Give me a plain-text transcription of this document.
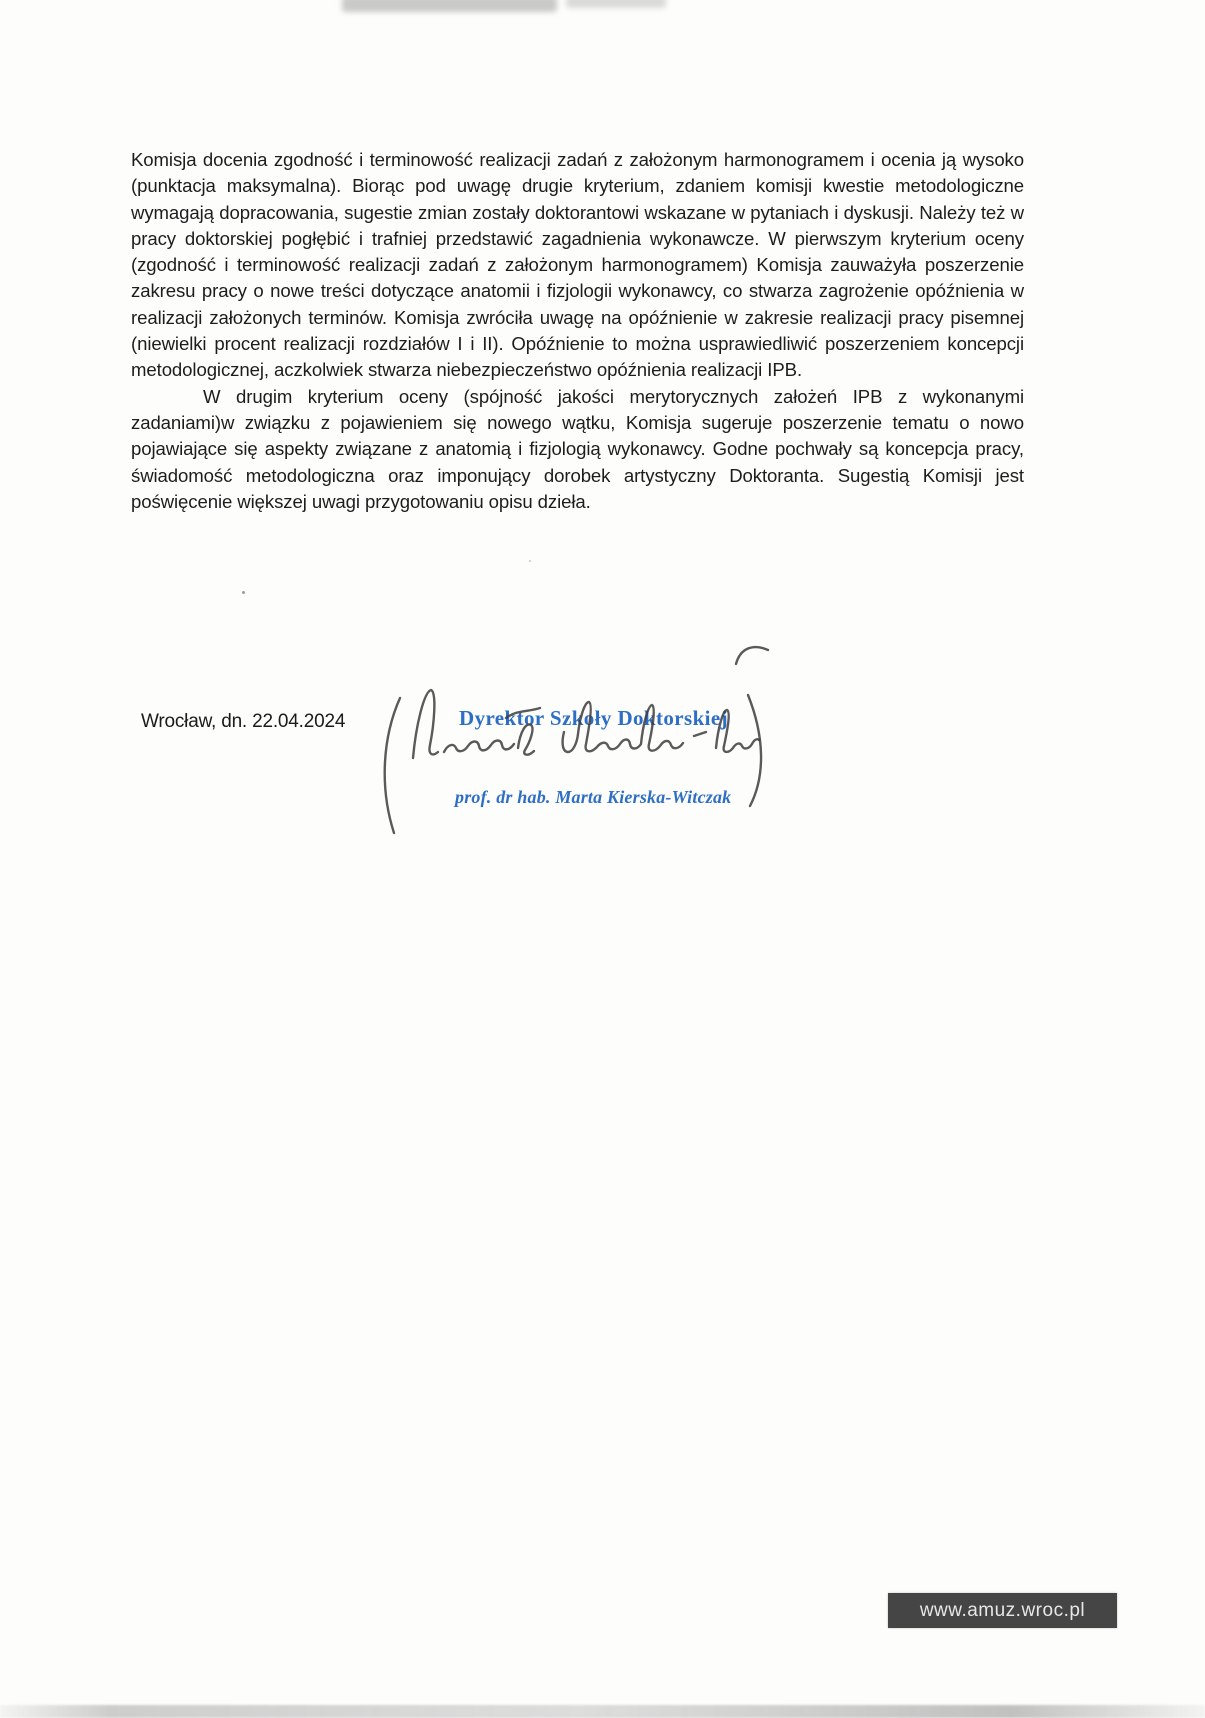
Komisja docenia zgodność i terminowość realizacji zadań z założonym harmonogramem i ocenia ją wysoko (punktacja maksymalna). Biorąc pod uwagę drugie kryterium, zdaniem komisji kwestie metodologiczne wymagają dopracowania, sugestie zmian zostały doktorantowi wskazane w pytaniach i dyskusji. Należy też w pracy doktorskiej pogłębić i trafniej przedstawić zagadnienia wykonawcze. W pierwszym kryterium oceny (zgodność i terminowość realizacji zadań z założonym harmonogramem) Komisja zauważyła poszerzenie zakresu pracy o nowe treści dotyczące anatomii i fizjologii wykonawcy, co stwarza zagrożenie opóźnienia w realizacji założonych terminów. Komisja zwróciła uwagę na opóźnienie w zakresie realizacji pracy pisemnej (niewielki procent realizacji rozdziałów I i II). Opóźnienie to można usprawiedliwić poszerzeniem koncepcji metodologicznej, aczkolwiek stwarza niebezpieczeństwo opóźnienia realizacji IPB.

W drugim kryterium oceny (spójność jakości merytorycznych założeń IPB z wykonanymi zadaniami)w związku z pojawieniem się nowego wątku, Komisja sugeruje poszerzenie tematu o nowo pojawiające się aspekty związane z anatomią i fizjologią wykonawcy. Godne pochwały są koncepcja pracy, świadomość metodologiczna oraz imponujący dorobek artystyczny Doktoranta. Sugestią Komisji jest poświęcenie większej uwagi przygotowaniu opisu dzieła.

Wrocław, dn. 22.04.2024	Dyrektor Szkoły Doktorskiej
prof. dr hab. Marta Kierska-Witczak
www.amuz.wroc.pl
